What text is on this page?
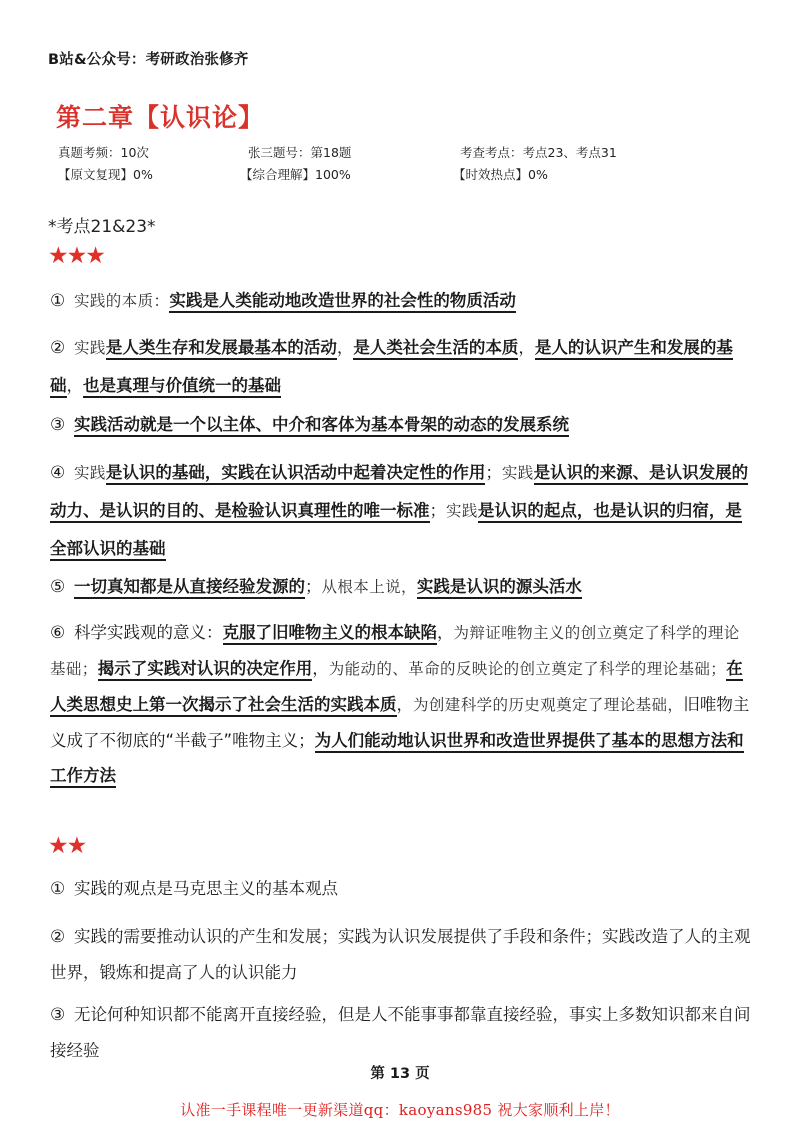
B站&公众号：考研政治张修齐
第二章【认识论】
真题考频：10次	张三题号：第18题	考查考点：考点23、考点31
【原文复现】0%	【综合理解】100%	【时效热点】0%
*考点21&23*
★★★
① 实践的本质：实践是人类能动地改造世界的社会性的物质活动
② 实践是人类生存和发展最基本的活动，是人类社会生活的本质，是人的认识产生和发展的基础，也是真理与价值统一的基础
③ 实践活动就是一个以主体、中介和客体为基本骨架的动态的发展系统
④ 实践是认识的基础，实践在认识活动中起着决定性的作用；实践是认识的来源、是认识发展的动力、是认识的目的、是检验认识真理性的唯一标准；实践是认识的起点，也是认识的归宿，是全部认识的基础
⑤ 一切真知都是从直接经验发源的；从根本上说，实践是认识的源头活水
⑥ 科学实践观的意义：克服了旧唯物主义的根本缺陷，为辩证唯物主义的创立奠定了科学的理论基础；揭示了实践对认识的决定作用，为能动的、革命的反映论的创立奠定了科学的理论基础；在人类思想史上第一次揭示了社会生活的实践本质，为创建科学的历史观奠定了理论基础，旧唯物主义成了不彻底的“半截子”唯物主义；为人们能动地认识世界和改造世界提供了基本的思想方法和工作方法
★★
① 实践的观点是马克思主义的基本观点
② 实践的需要推动认识的产生和发展；实践为认识发展提供了手段和条件；实践改造了人的主观世界，锻炼和提高了人的认识能力
③ 无论何种知识都不能离开直接经验，但是人不能事事都靠直接经验，事实上多数知识都来自间接经验
第 13 页
认准一手课程唯一更新渠道qq：kaoyans985 祝大家顺利上岸！
